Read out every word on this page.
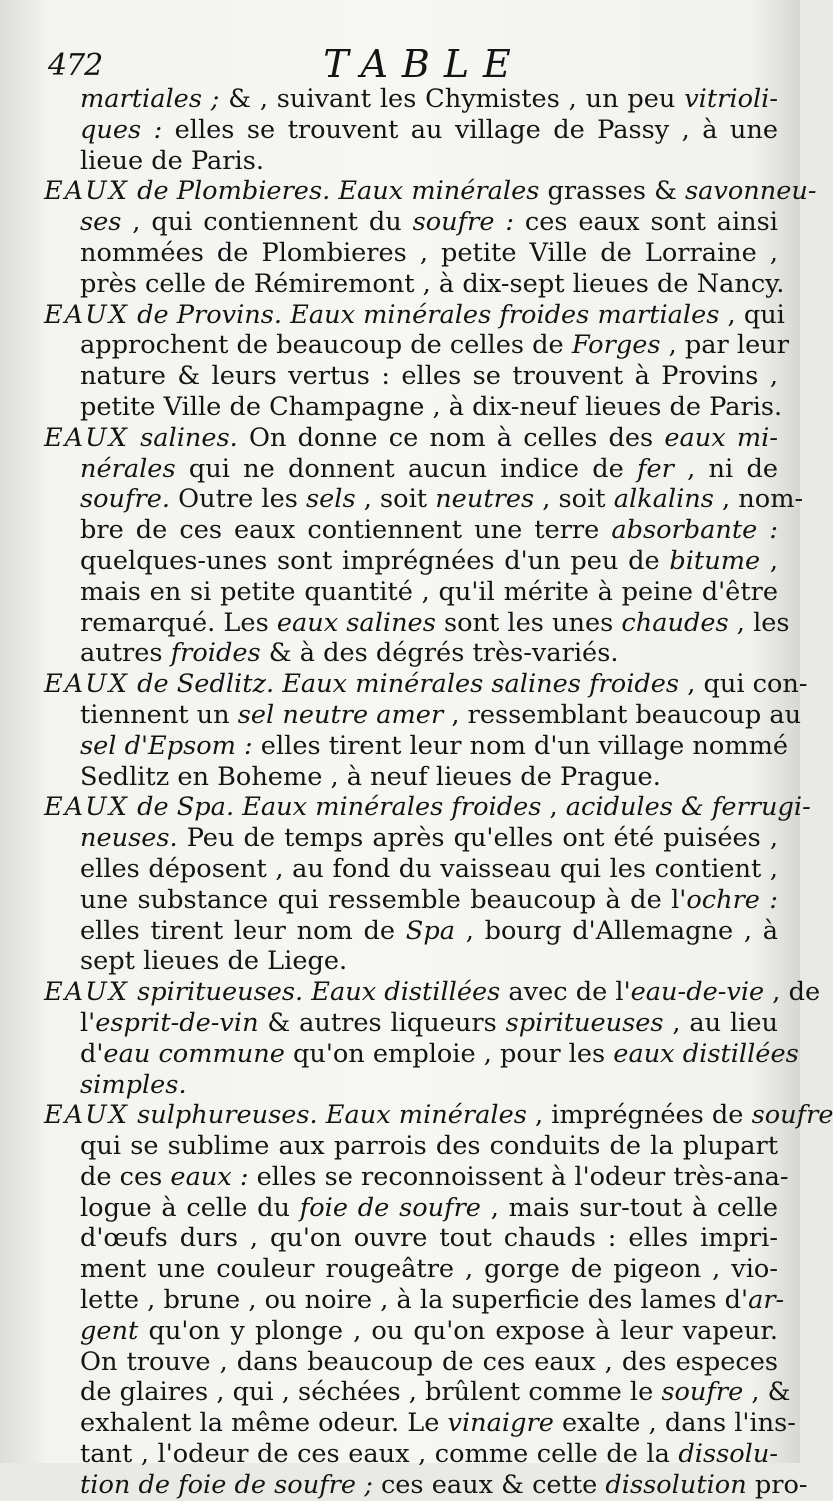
472	TABLE
martiales ; & , suivant les Chymistes , un peu vitrioli-
ques : elles se trouvent au village de Passy , à une
lieue de Paris.
EAUX de Plombieres. Eaux minérales grasses & savonneu-
ses , qui contiennent du soufre : ces eaux sont ainsi
nommées de Plombieres , petite Ville de Lorraine ,
près celle de Rémiremont , à dix-sept lieues de Nancy.
EAUX de Provins. Eaux minérales froides martiales , qui
approchent de beaucoup de celles de Forges , par leur
nature & leurs vertus : elles se trouvent à Provins ,
petite Ville de Champagne , à dix-neuf lieues de Paris.
EAUX salines. On donne ce nom à celles des eaux mi-
nérales qui ne donnent aucun indice de fer , ni de
soufre. Outre les sels , soit neutres , soit alkalins , nom-
bre de ces eaux contiennent une terre absorbante :
quelques-unes sont imprégnées d'un peu de bitume ,
mais en si petite quantité , qu'il mérite à peine d'être
remarqué. Les eaux salines sont les unes chaudes , les
autres froides & à des dégrés très-variés.
EAUX de Sedlitz. Eaux minérales salines froides , qui con-
tiennent un sel neutre amer , ressemblant beaucoup au
sel d'Epsom : elles tirent leur nom d'un village nommé
Sedlitz en Boheme , à neuf lieues de Prague.
EAUX de Spa. Eaux minérales froides , acidules & ferrugi-
neuses. Peu de temps après qu'elles ont été puisées ,
elles déposent , au fond du vaisseau qui les contient ,
une substance qui ressemble beaucoup à de l'ochre :
elles tirent leur nom de Spa , bourg d'Allemagne , à
sept lieues de Liege.
EAUX spiritueuses. Eaux distillées avec de l'eau-de-vie , de
l'esprit-de-vin & autres liqueurs spiritueuses , au lieu
d'eau commune qu'on emploie , pour les eaux distillées
simples.
EAUX sulphureuses. Eaux minérales , imprégnées de soufre
qui se sublime aux parrois des conduits de la plupart
de ces eaux : elles se reconnoissent à l'odeur très-ana-
logue à celle du foie de soufre , mais sur-tout à celle
d'œufs durs , qu'on ouvre tout chauds : elles impri-
ment une couleur rougeâtre , gorge de pigeon , vio-
lette , brune , ou noire , à la superficie des lames d'ar-
gent qu'on y plonge , ou qu'on expose à leur vapeur.
On trouve , dans beaucoup de ces eaux , des especes
de glaires , qui , séchées , brûlent comme le soufre , &
exhalent la même odeur. Le vinaigre exalte , dans l'ins-
tant , l'odeur de ces eaux , comme celle de la dissolu-
tion de foie de soufre ; ces eaux & cette dissolution pro-
